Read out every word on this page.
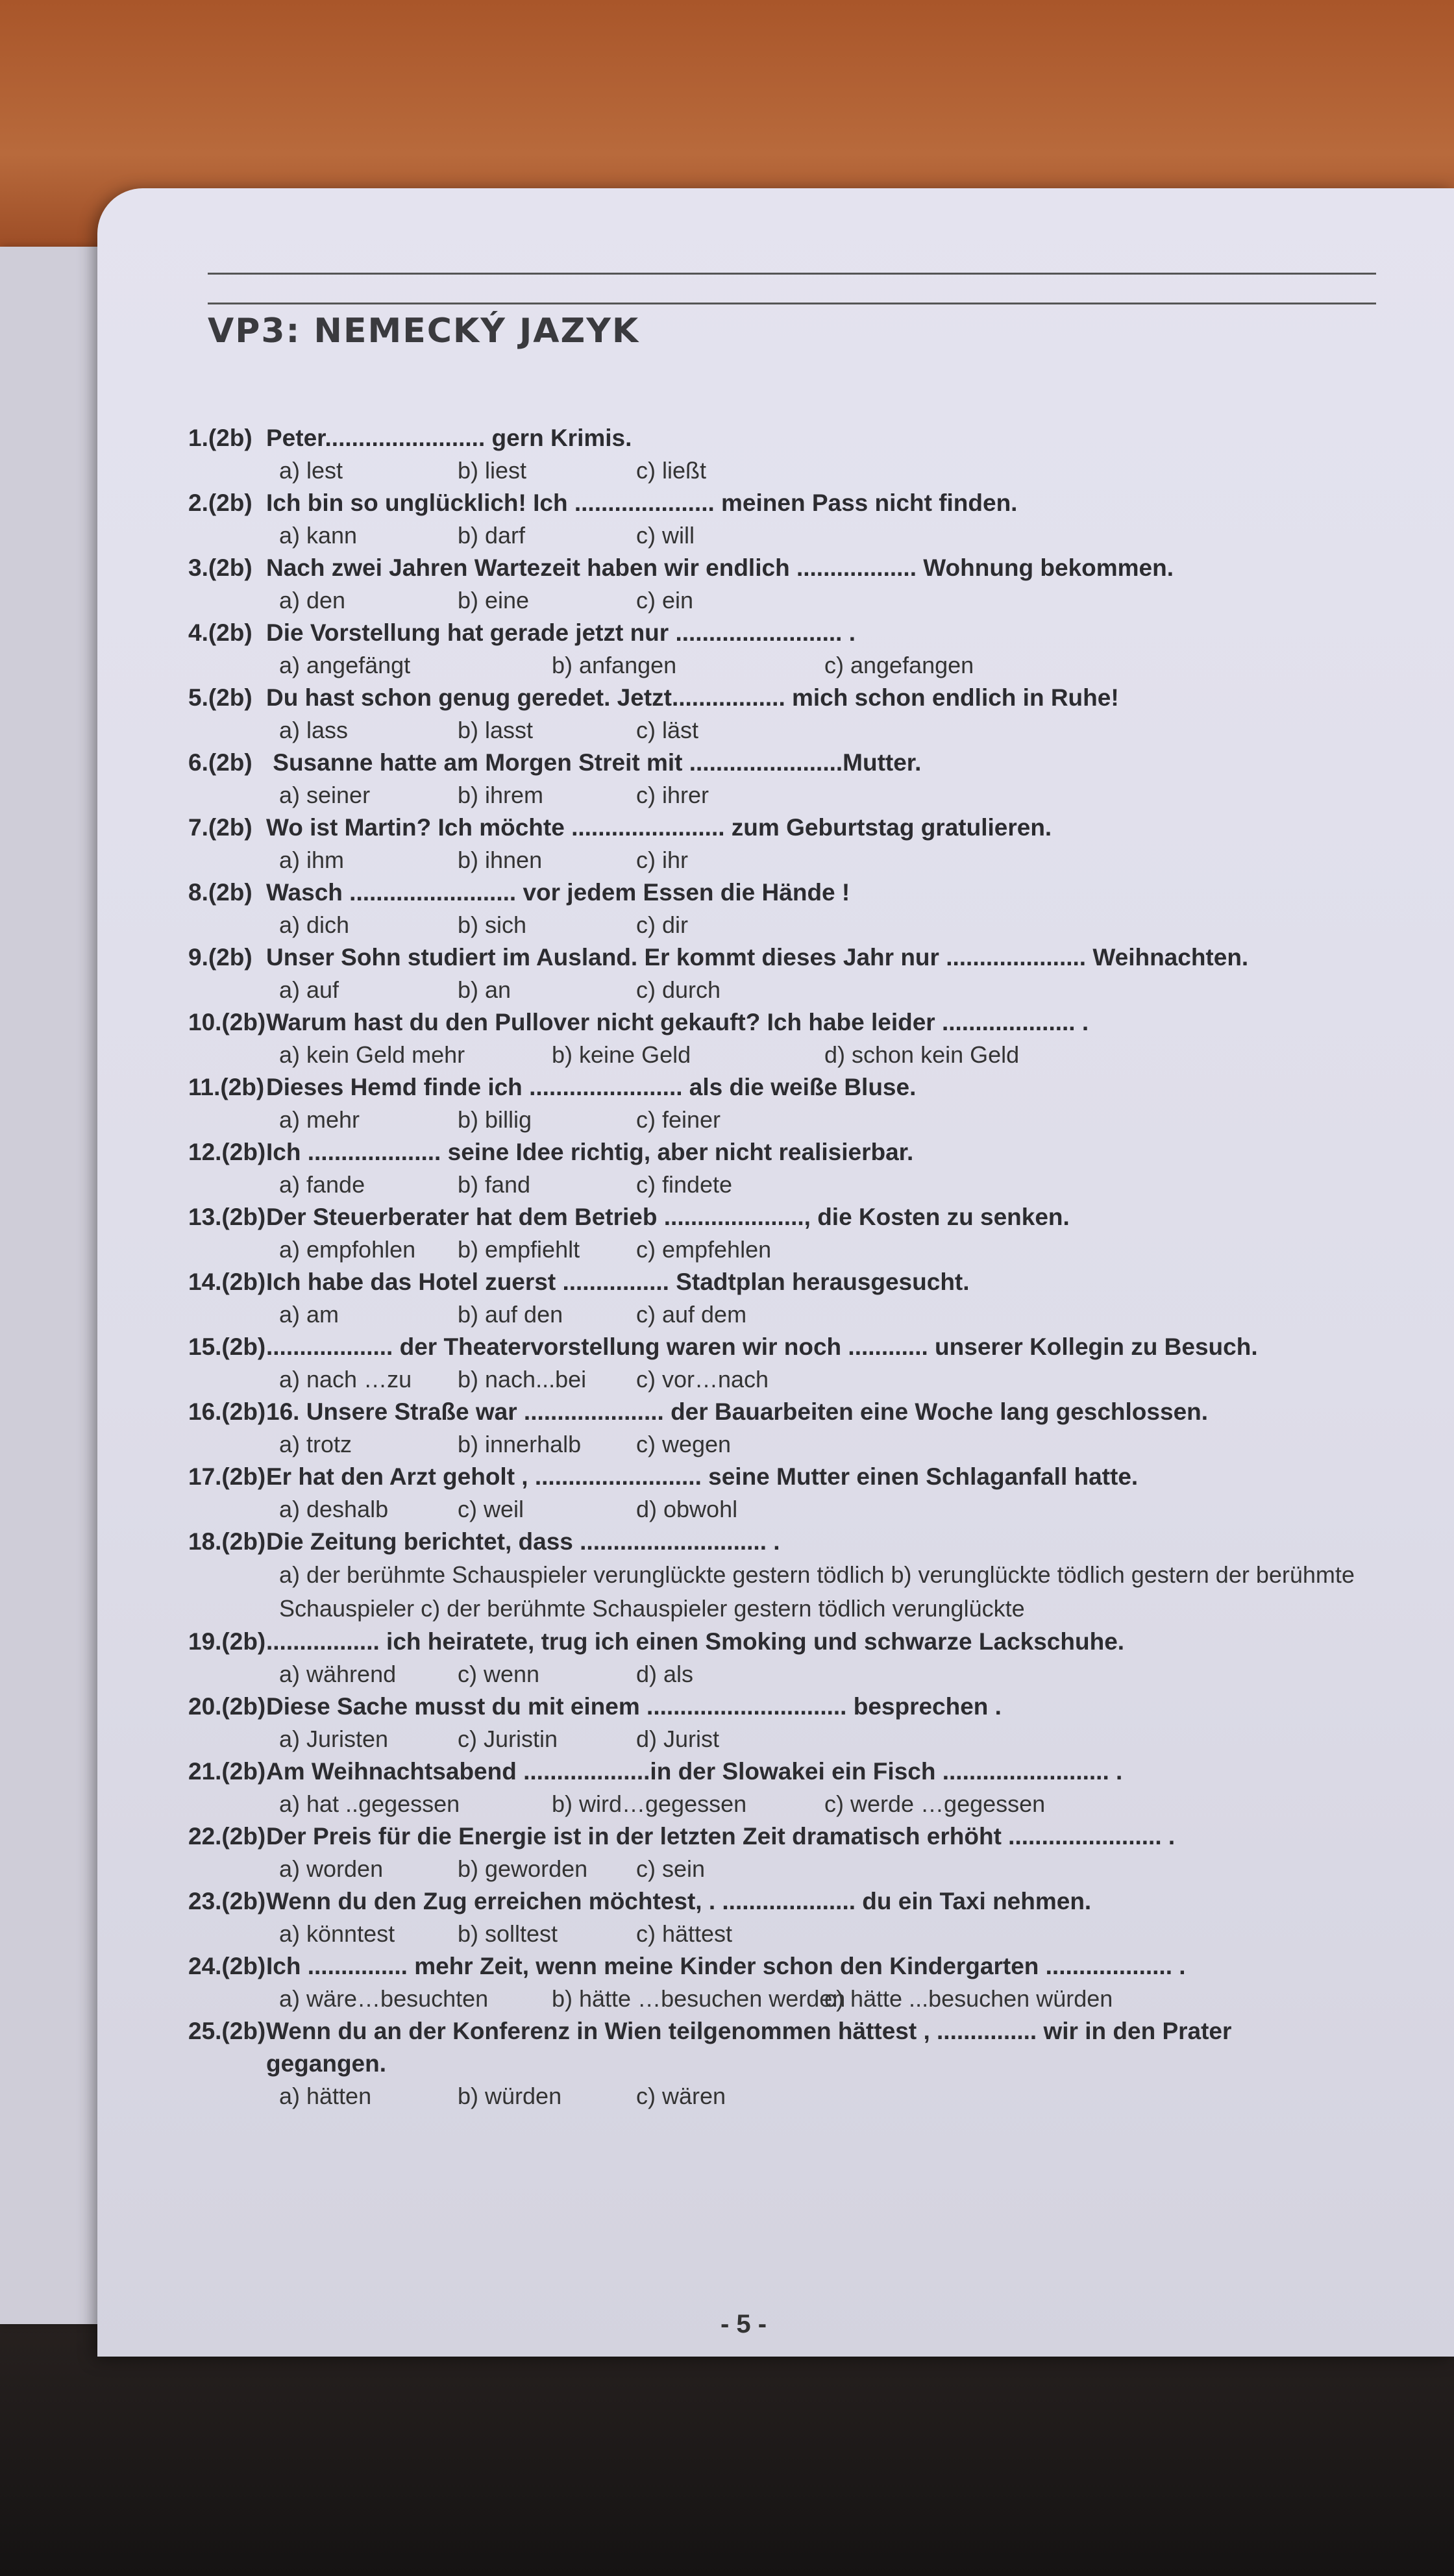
VP3: NEMECKÝ JAZYK
1.(2b) Peter........................ gern Krimis.
a) lest	b) liest	c) ließt
2.(2b) Ich bin so unglücklich! Ich ..................... meinen Pass nicht finden.
a) kann	b) darf	c) will
3.(2b) Nach zwei Jahren Wartezeit haben wir endlich .................. Wohnung bekommen.
a) den	b) eine	c) ein
4.(2b) Die Vorstellung hat gerade jetzt nur ......................... .
a) angefängt	b) anfangen	c) angefangen
5.(2b) Du hast schon genug geredet. Jetzt................. mich schon endlich in Ruhe!
a) lass	b) lasst	c) läst
6.(2b) Susanne hatte am Morgen Streit mit .......................Mutter.
a) seiner	b) ihrem	c) ihrer
7.(2b) Wo ist Martin? Ich möchte ....................... zum Geburtstag gratulieren.
a) ihm	b) ihnen	c) ihr
8.(2b) Wasch ......................... vor jedem Essen die Hände !
a) dich	b) sich	c) dir
9.(2b) Unser Sohn studiert im Ausland. Er kommt dieses Jahr nur ..................... Weihnachten.
a) auf	b) an	c) durch
10.(2b)Warum hast du den Pullover nicht gekauft? Ich habe leider .................... .
a) kein Geld mehr	b) keine Geld	d) schon kein Geld
11.(2b)Dieses Hemd finde ich ....................... als die weiße Bluse.
a) mehr	b) billig	c) feiner
12.(2b)Ich .................... seine Idee richtig, aber nicht realisierbar.
a) fande	b) fand	c) findete
13.(2b)Der Steuerberater hat dem Betrieb ....................., die Kosten zu senken.
a) empfohlen b) empfiehlt c) empfehlen
14.(2b)Ich habe das Hotel zuerst ................ Stadtplan herausgesucht.
a) am	b) auf den	c) auf dem
15.(2b)................... der Theatervorstellung waren wir noch ............ unserer Kollegin zu Besuch.
a) nach …zu b) nach...bei c) vor…nach
16.(2b)16. Unsere Straße war ..................... der Bauarbeiten eine Woche lang geschlossen.
a) trotz	b) innerhalb c) wegen
17.(2b)Er hat den Arzt geholt , ......................... seine Mutter einen Schlaganfall hatte.
a) deshalb	c) weil	d) obwohl
18.(2b)Die Zeitung berichtet, dass ............................ .
a) der berühmte Schauspieler verunglückte gestern tödlich b) verunglückte tödlich gestern der berühmte Schauspieler c) der berühmte Schauspieler gestern tödlich verunglückte
19.(2b)................. ich heiratete, trug ich einen Smoking und schwarze Lackschuhe.
a) während	c) wenn	d) als
20.(2b)Diese Sache musst du mit einem .............................. besprechen .
a) Juristen	c) Juristin	d) Jurist
21.(2b)Am Weihnachtsabend ...................in der Slowakei ein Fisch ......................... .
a) hat ..gegessen	b) wird…gegessen	c) werde …gegessen
22.(2b)Der Preis für die Energie ist in der letzten Zeit dramatisch erhöht ....................... .
a) worden	b) geworden c) sein
23.(2b)Wenn du den Zug erreichen möchtest, . .................... du ein Taxi nehmen.
a) könntest	b) solltest	c) hättest
24.(2b)Ich ............... mehr Zeit, wenn meine Kinder schon den Kindergarten ................... .
a) wäre…besuchten	b) hätte …besuchen werdenc) hätte ...besuchen würden
25.(2b)Wenn du an der Konferenz in Wien teilgenommen hättest , ............... wir in den Prater
gegangen.
a) hätten	b) würden	c) wären
- 5 -
